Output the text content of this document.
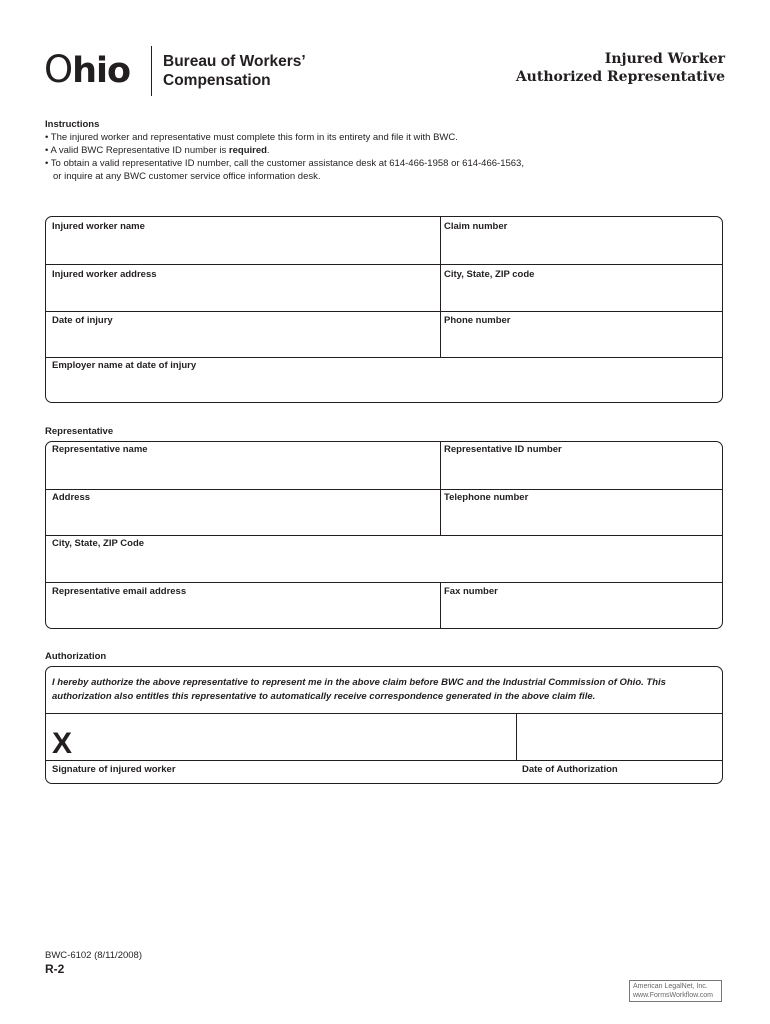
Ohio Bureau of Workers’
Compensation
Injured Worker
Authorized Representative
Instructions
• The injured worker and representative must complete this form in its entirety and file it with BWC.
• A valid BWC Representative ID number is required.
• To obtain a valid representative ID number, call the customer assistance desk at 614-466-1958 or 614-466-1563,
or inquire at any BWC customer service office information desk.
Injured worker name	Claim number
Injured worker address	City, State, ZIP code
Date of injury	Phone number
Employer name at date of injury
Representative
Representative name	Representative ID number
Address	Telephone number
City, State, ZIP Code
Representative email address	Fax number
Authorization
I hereby authorize the above representative to represent me in the above claim before BWC and the Industrial Commission of Ohio. This authorization also entitles this representative to automatically receive correspondence generated in the above claim file.
X
Signature of injured worker	Date of Authorization
BWC-6102 (8/11/2008)
R-2
American LegalNet, Inc.
www.FormsWorkflow.com
